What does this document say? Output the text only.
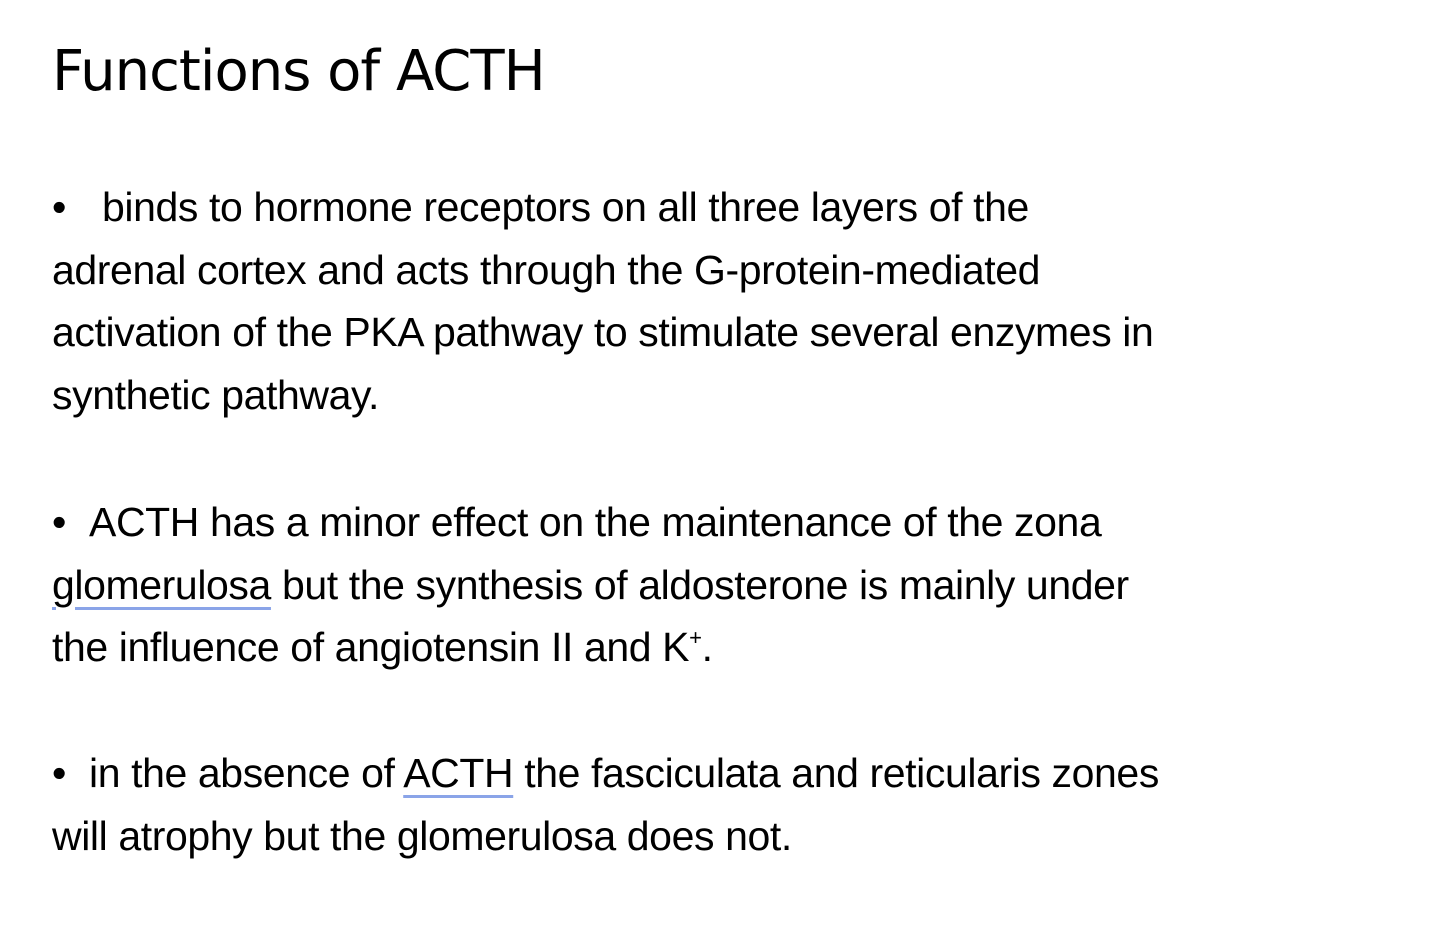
Functions of ACTH
• binds to hormone receptors on all three layers of the
adrenal cortex and acts through the G-protein-mediated
activation of the PKA pathway to stimulate several enzymes in
synthetic pathway.
• ACTH has a minor effect on the maintenance of the zona
glomerulosa but the synthesis of aldosterone is mainly under
the influence of angiotensin II and K+.
• in the absence of ACTH the fasciculata and reticularis zones
will atrophy but the glomerulosa does not.
